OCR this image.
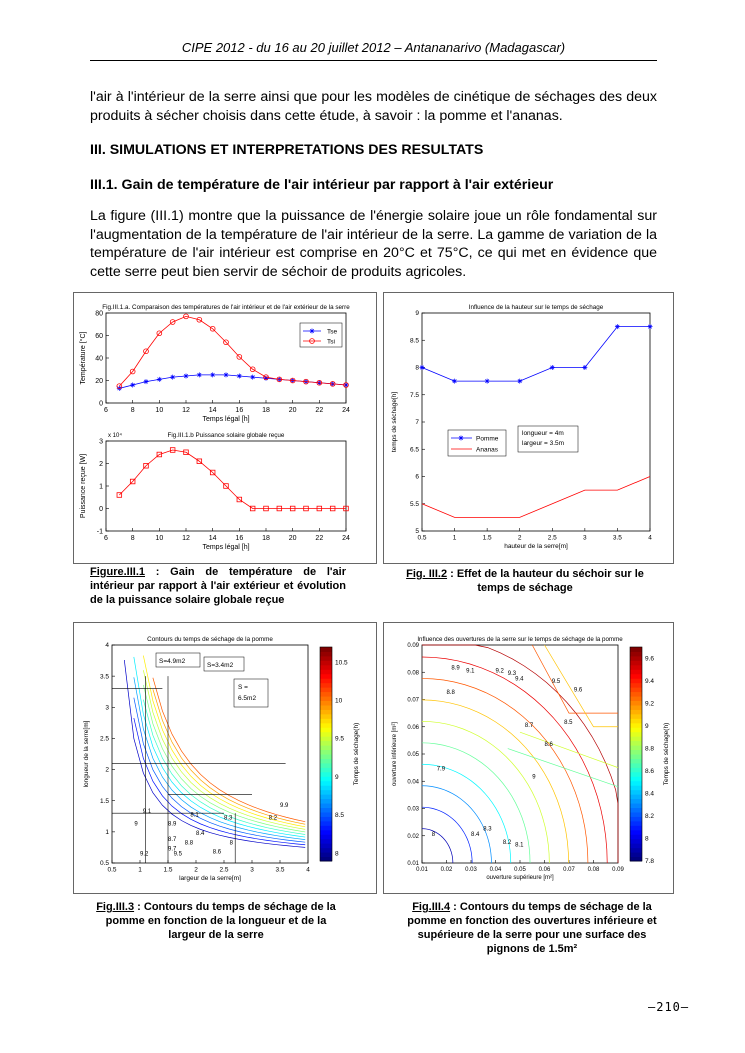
CIPE 2012 - du 16 au 20 juillet 2012 – Antananarivo (Madagascar)
l'air à l'intérieur de la serre ainsi que pour les modèles de cinétique de séchages des deux produits à sécher choisis dans cette étude, à savoir : la pomme et l'ananas.
III. SIMULATIONS ET INTERPRETATIONS DES RESULTATS
III.1. Gain de température de l'air intérieur par rapport à l'air extérieur
La figure (III.1) montre que la puissance de l'énergie solaire joue un rôle fondamental sur l'augmentation de la température de l'air intérieur de la serre. La gamme de variation de la température de l'air intérieur est comprise en 20°C et 75°C, ce qui met en évidence que cette serre peut bien servir de séchoir de produits agricoles.
6	8	10	12	14	16	18	20	22	24
0
20
40
60
80
Temps légal [h]
Température [°C]
Fig.III.1.a. Comparaison des températures de l'air intérieur et de l'air extérieur de la serre
Tse
Tsi
6	8	10	12	14	16	18	20	22	24
-1
0
1
2
3
Temps légal [h]
Puissance reçue [W]
Fig.III.1.b Puissance solaire globale reçue
x 10⁴
Figure.III.1 : Gain de température de l'air intérieur par rapport à l'air extérieur et évolution de la puissance solaire globale reçue
0.5	1	1.5	2	2.5	3	3.5	4
5
5.5
6
6.5
7
7.5
8
8.5
9
hauteur de la serre[m]
temps de séchage[h]
Influence de la hauteur sur le temps de séchage
Pomme
Ananas
longueur = 4m
largeur = 3.5m
Fig. III.2 : Effet de la hauteur du séchoir sur le temps de séchage
0.5	1	1.5	2	2.5	3	3.5	4
0.5
1
1.5
2
2.5
3
3.5
4
largeur de la serre[m]
longueur de la serre[m]
Contours du temps de séchage de la pomme
8.2
8.3
8.4
8.6
8.7
8.8
8.9
9
9.1
9.2	9.5
9.7
9.9
8
8.1
S=4.9m2
S=3.4m2
S =
6.5m2
8
8.5
9
9.5
10
10.5
Temps de séchage(h)
Fig.III.3 : Contours du temps de séchage de la pomme en fonction de la longueur et de la largeur de la serre
0.01 0.02 0.03 0.04 0.05 0.06 0.07 0.08 0.09
0.01
0.02
0.03
0.04
0.05
0.06
0.07
0.08
0.09
ouverture supérieure [m²]
ouverture inférieure [m²]
Influence des ouvertures de la serre sur le temps de séchage de la pomme
8.9 9.1	9.2 9.3
9.4	9.5
9.6
8.8
8.7
8.6
8.5
8.4
8.3
8.2 8.1
8
7.9
9
7.8
8
8.2
8.4
8.6
8.8
9
9.2
9.4
9.6
Temps de séchage(h)
Fig.III.4 : Contours du temps de séchage de la pomme en fonction des ouvertures inférieure et supérieure de la serre pour une surface des pignons de 1.5m²
–210–
